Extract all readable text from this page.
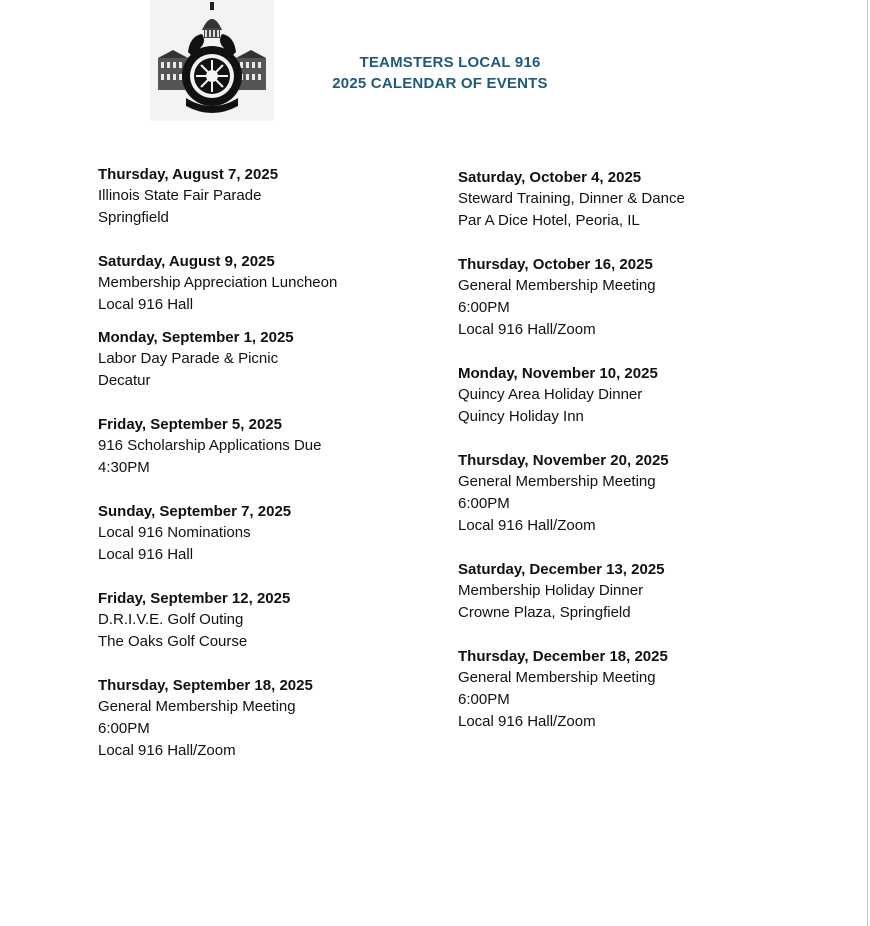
TEAMSTERS LOCAL 916
2025 CALENDAR OF EVENTS
Thursday, August 7, 2025
Illinois State Fair Parade
Springfield
Saturday, August 9, 2025
Membership Appreciation Luncheon
Local 916 Hall
Monday, September 1, 2025
Labor Day Parade & Picnic
Decatur
Friday, September 5, 2025
916 Scholarship Applications Due
4:30PM
Sunday, September 7, 2025
Local 916 Nominations
Local 916 Hall
Friday, September 12, 2025
D.R.I.V.E. Golf Outing
The Oaks Golf Course
Thursday, September 18, 2025
General Membership Meeting
6:00PM
Local 916 Hall/Zoom
Saturday, October 4, 2025
Steward Training, Dinner & Dance
Par A Dice Hotel, Peoria, IL
Thursday, October 16, 2025
General Membership Meeting
6:00PM
Local 916 Hall/Zoom
Monday, November 10, 2025
Quincy Area Holiday Dinner
Quincy Holiday Inn
Thursday, November 20, 2025
General Membership Meeting
6:00PM
Local 916 Hall/Zoom
Saturday, December 13, 2025
Membership Holiday Dinner
Crowne Plaza, Springfield
Thursday, December 18, 2025
General Membership Meeting
6:00PM
Local 916 Hall/Zoom
